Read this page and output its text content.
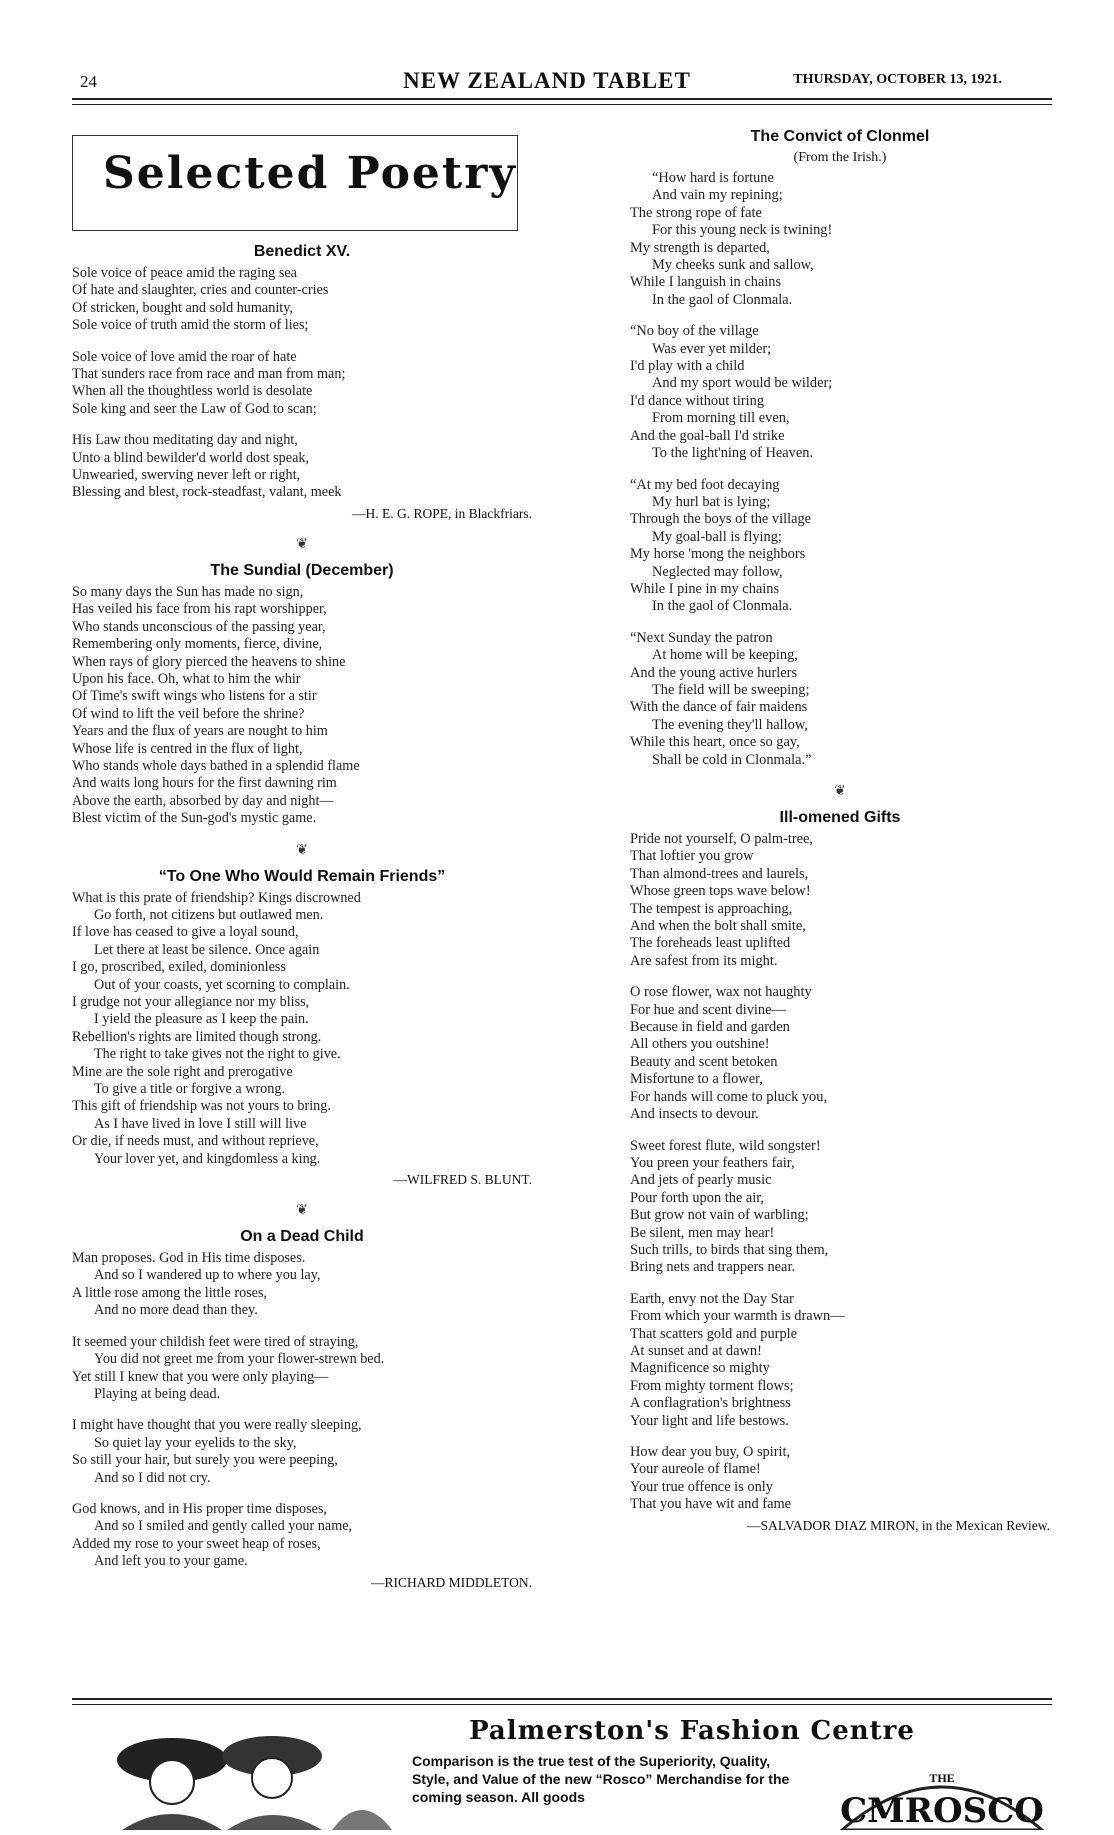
24	NEW ZEALAND TABLET	THURSDAY, OCTOBER 13, 1921.
Selected Poetry
Benedict XV.
Sole voice of peace amid the raging sea
Of hate and slaughter, cries and counter-cries
Of stricken, bought and sold humanity,
Sole voice of truth amid the storm of lies;
Sole voice of love amid the roar of hate
That sunders race from race and man from man;
When all the thoughtless world is desolate
Sole king and seer the Law of God to scan;
His Law thou meditating day and night,
Unto a blind bewilder'd world dost speak,
Unwearied, swerving never left or right,
Blessing and blest, rock-steadfast, valant, meek
—H. E. G. ROPE, in Blackfriars.
❦
The Sundial (December)
So many days the Sun has made no sign,
Has veiled his face from his rapt worshipper,
Who stands unconscious of the passing year,
Remembering only moments, fierce, divine,
When rays of glory pierced the heavens to shine
Upon his face. Oh, what to him the whir
Of Time's swift wings who listens for a stir
Of wind to lift the veil before the shrine?
Years and the flux of years are nought to him
Whose life is centred in the flux of light,
Who stands whole days bathed in a splendid flame
And waits long hours for the first dawning rim
Above the earth, absorbed by day and night—
Blest victim of the Sun-god's mystic game.
❦
“To One Who Would Remain Friends”
What is this prate of friendship? Kings discrowned
Go forth, not citizens but outlawed men.
If love has ceased to give a loyal sound,
Let there at least be silence. Once again
I go, proscribed, exiled, dominionless
Out of your coasts, yet scorning to complain.
I grudge not your allegiance nor my bliss,
I yield the pleasure as I keep the pain.
Rebellion's rights are limited though strong.
The right to take gives not the right to give.
Mine are the sole right and prerogative
To give a title or forgive a wrong.
This gift of friendship was not yours to bring.
As I have lived in love I still will live
Or die, if needs must, and without reprieve,
Your lover yet, and kingdomless a king.
—WILFRED S. BLUNT.
❦
On a Dead Child
Man proposes. God in His time disposes.
And so I wandered up to where you lay,
A little rose among the little roses,
And no more dead than they.
It seemed your childish feet were tired of straying,
You did not greet me from your flower-strewn bed.
Yet still I knew that you were only playing—
Playing at being dead.
I might have thought that you were really sleeping,
So quiet lay your eyelids to the sky,
So still your hair, but surely you were peeping,
And so I did not cry.
God knows, and in His proper time disposes,
And so I smiled and gently called your name,
Added my rose to your sweet heap of roses,
And left you to your game.
—RICHARD MIDDLETON.
The Convict of Clonmel
(From the Irish.)
“How hard is fortune
And vain my repining;
The strong rope of fate
For this young neck is twining!
My strength is departed,
My cheeks sunk and sallow,
While I languish in chains
In the gaol of Clonmala.
“No boy of the village
Was ever yet milder;
I'd play with a child
And my sport would be wilder;
I'd dance without tiring
From morning till even,
And the goal-ball I'd strike
To the light'ning of Heaven.
“At my bed foot decaying
My hurl bat is lying;
Through the boys of the village
My goal-ball is flying;
My horse 'mong the neighbors
Neglected may follow,
While I pine in my chains
In the gaol of Clonmala.
“Next Sunday the patron
At home will be keeping,
And the young active hurlers
The field will be sweeping;
With the dance of fair maidens
The evening they'll hallow,
While this heart, once so gay,
Shall be cold in Clonmala.”
❦
Ill-omened Gifts
Pride not yourself, O palm-tree,
That loftier you grow
Than almond-trees and laurels,
Whose green tops wave below!
The tempest is approaching,
And when the bolt shall smite,
The foreheads least uplifted
Are safest from its might.
O rose flower, wax not haughty
For hue and scent divine—
Because in field and garden
All others you outshine!
Beauty and scent betoken
Misfortune to a flower,
For hands will come to pluck you,
And insects to devour.
Sweet forest flute, wild songster!
You preen your feathers fair,
And jets of pearly music
Pour forth upon the air,
But grow not vain of warbling;
Be silent, men may hear!
Such trills, to birds that sing them,
Bring nets and trappers near.
Earth, envy not the Day Star
From which your warmth is drawn—
That scatters gold and purple
At sunset and at dawn!
Magnificence so mighty
From mighty torment flows;
A conflagration's brightness
Your light and life bestows.
How dear you buy, O spirit,
Your aureole of flame!
Your true offence is only
That you have wit and fame
—SALVADOR DIAZ MIRON, in the Mexican Review.
Palmerston's Fashion Centre
Comparison is the true test of the Superiority, Quality, Style, and Value of the new “Rosco” Merchandise for the coming season. All goods
THE
CMROSCO
